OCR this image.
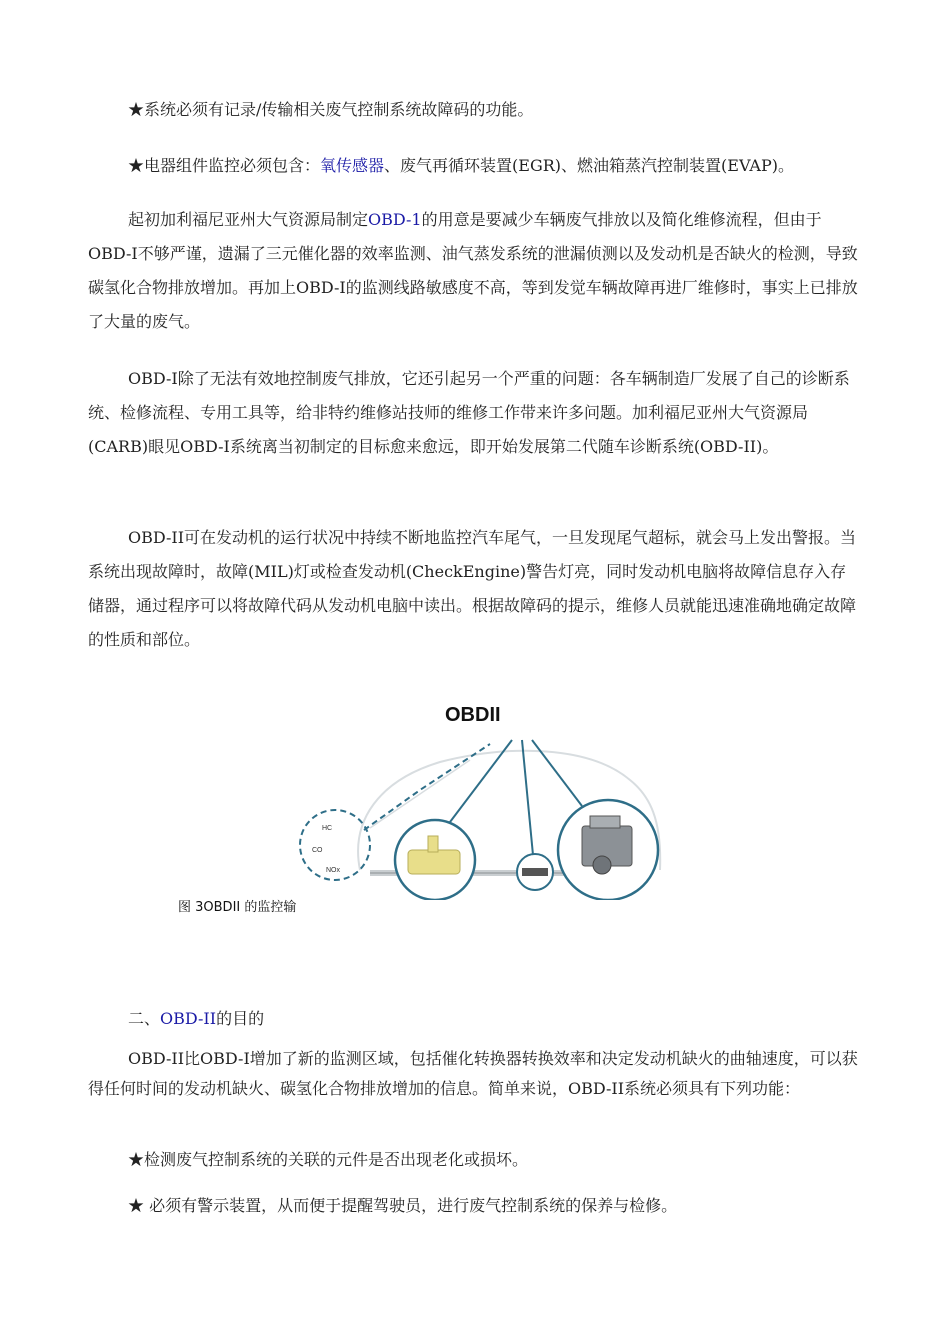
★系统必须有记录/传输相关废气控制系统故障码的功能。
★电器组件监控必须包含：氧传感器、废气再循环装置(EGR)、燃油箱蒸汽控制装置(EVAP)。
起初加利福尼亚州大气资源局制定OBD-1的用意是要减少车辆废气排放以及简化维修流程，但由于OBD-I不够严谨，遗漏了三元催化器的效率监测、油气蒸发系统的泄漏侦测以及发动机是否缺火的检测，导致碳氢化合物排放增加。再加上OBD-I的监测线路敏感度不高，等到发觉车辆故障再进厂维修时，事实上已排放了大量的废气。
OBD-I除了无法有效地控制废气排放，它还引起另一个严重的问题：各车辆制造厂发展了自己的诊断系统、检修流程、专用工具等，给非特约维修站技师的维修工作带来许多问题。加利福尼亚州大气资源局(CARB)眼见OBD-I系统离当初制定的目标愈来愈远，即开始发展第二代随车诊断系统(OBD-II)。
OBD-II可在发动机的运行状况中持续不断地监控汽车尾气，一旦发现尾气超标，就会马上发出警报。当系统出现故障时，故障(MIL)灯或检查发动机(CheckEngine)警告灯亮，同时发动机电脑将故障信息存入存储器，通过程序可以将故障代码从发动机电脑中读出。根据故障码的提示，维修人员就能迅速准确地确定故障的性质和部位。
OBDII
HC
CO
NOx
图 3OBDII 的监控输
二、OBD-II的目的
OBD-II比OBD-I增加了新的监测区域，包括催化转换器转换效率和决定发动机缺火的曲轴速度，可以获得任何时间的发动机缺火、碳氢化合物排放增加的信息。简单来说，OBD-II系统必须具有下列功能：
★检测废气控制系统的关联的元件是否出现老化或损坏。
★ 必须有警示装置，从而便于提醒驾驶员，进行废气控制系统的保养与检修。
